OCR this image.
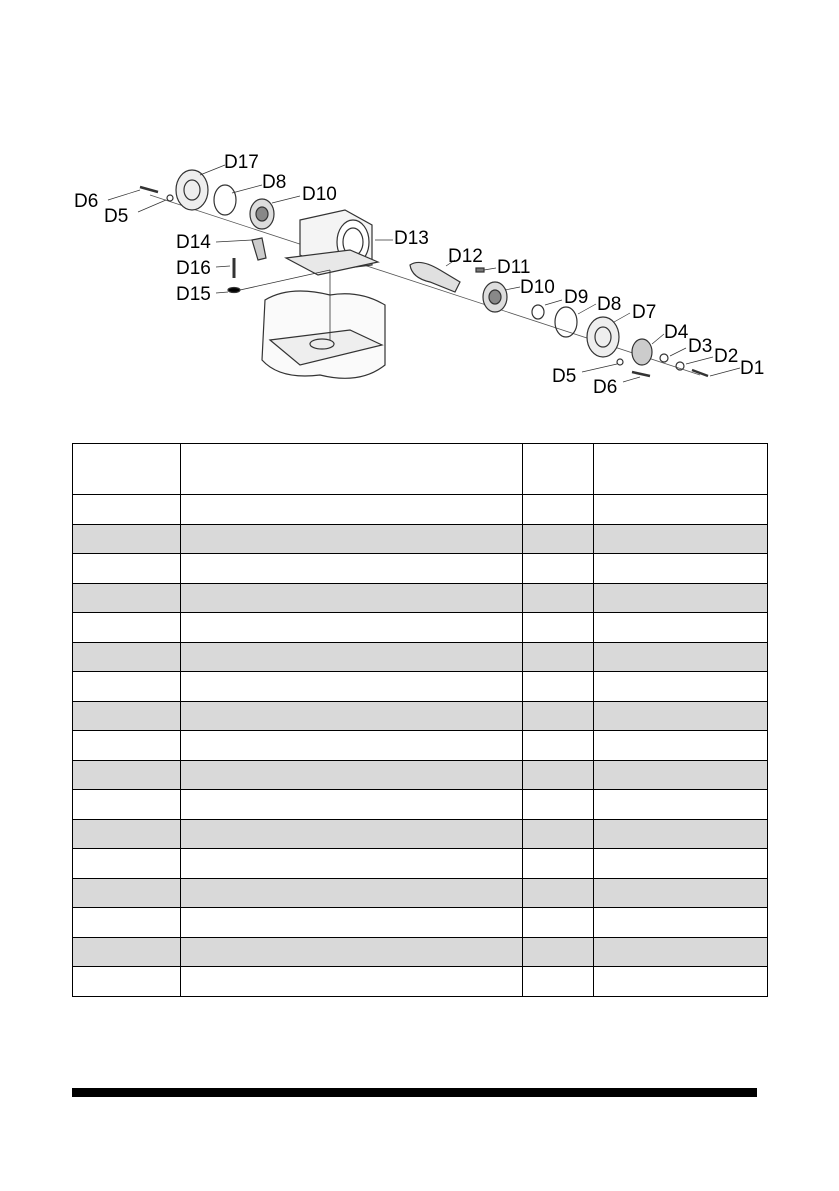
D17
D8
D10
D6
D5
D14
D16
D15
D13
D12
D11
D10 D9 D8 D7
D4
D3 D2
D1
D5
D6
